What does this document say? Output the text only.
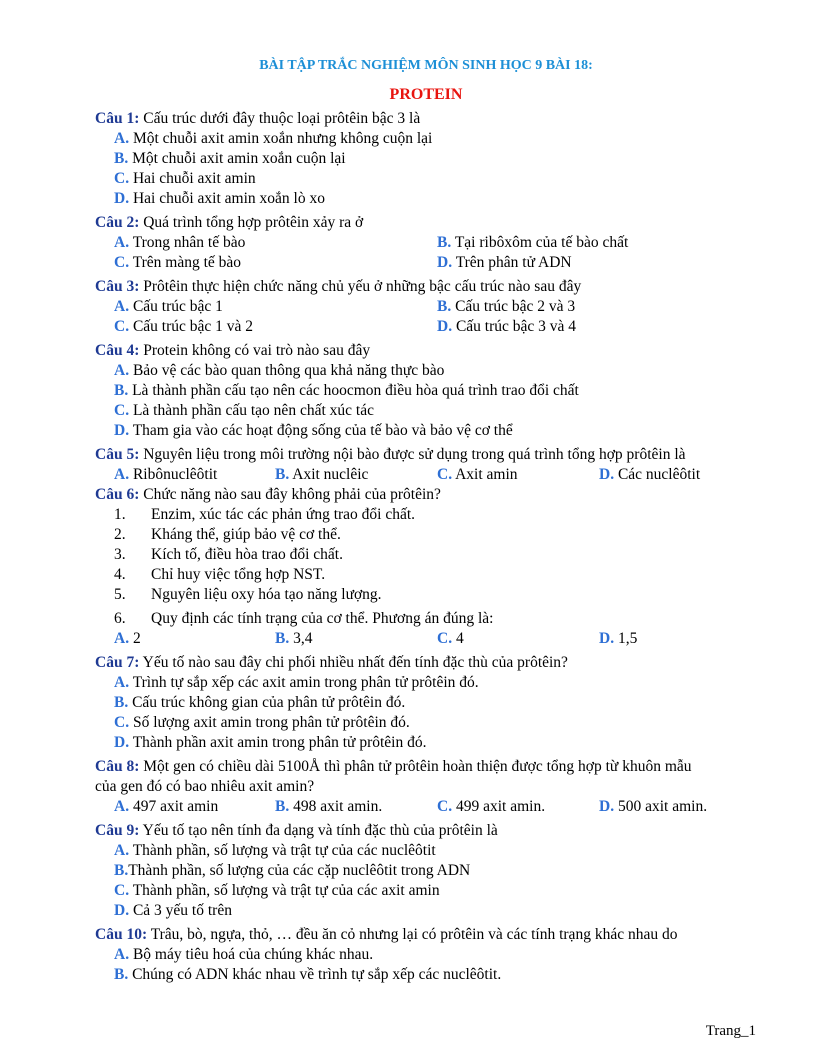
BÀI TẬP TRẮC NGHIỆM MÔN SINH HỌC 9 BÀI 18:
PROTEIN
Câu 1: Cấu trúc dưới đây thuộc loại prôtêin bậc 3 là
A. Một chuỗi axit amin xoắn nhưng không cuộn lại
B. Một chuỗi axit amin xoắn cuộn lại
C. Hai chuỗi axit amin
D. Hai chuỗi axit amin xoắn lò xo
Câu 2: Quá trình tổng hợp prôtêin xảy ra ở
A. Trong nhân tế bào	B. Tại ribôxôm của tế bào chất
C. Trên màng tế bào	D. Trên phân tử ADN
Câu 3: Prôtêin thực hiện chức năng chủ yếu ở những bậc cấu trúc nào sau đây
A. Cấu trúc bậc 1	B. Cấu trúc bậc 2 và 3
C. Cấu trúc bậc 1 và 2	D. Cấu trúc bậc 3 và 4
Câu 4: Protein không có vai trò nào sau đây
A. Bảo vệ các bào quan thông qua khả năng thực bào
B. Là thành phần cấu tạo nên các hoocmon điều hòa quá trình trao đổi chất
C. Là thành phần cấu tạo nên chất xúc tác
D. Tham gia vào các hoạt động sống của tế bào và bảo vệ cơ thể
Câu 5: Nguyên liệu trong môi trường nội bào được sử dụng trong quá trình tổng hợp prôtêin là
A. Ribônuclêôtit	B. Axit nuclêic	C. Axit amin	D. Các nuclêôtit
Câu 6: Chức năng nào sau đây không phải của prôtêin?
1. Enzim, xúc tác các phản ứng trao đổi chất.
2. Kháng thể, giúp bảo vệ cơ thể.
3. Kích tố, điều hòa trao đổi chất.
4. Chỉ huy việc tổng hợp NST.
5. Nguyên liệu oxy hóa tạo năng lượng.
6. Quy định các tính trạng của cơ thể. Phương án đúng là:
A. 2	B. 3,4	C. 4	D. 1,5
Câu 7: Yếu tố nào sau đây chi phối nhiều nhất đến tính đặc thù của prôtêin?
A. Trình tự sắp xếp các axit amin trong phân tử prôtêin đó.
B. Cấu trúc không gian của phân tử prôtêin đó.
C. Số lượng axit amin trong phân tử prôtêin đó.
D. Thành phần axit amin trong phân tử prôtêin đó.
Câu 8: Một gen có chiều dài 5100Å thì phân tử prôtêin hoàn thiện được tổng hợp từ khuôn mẫu
của gen đó có bao nhiêu axit amin?
A. 497 axit amin	B. 498 axit amin.	C. 499 axit amin.	D. 500 axit amin.
Câu 9: Yếu tố tạo nên tính đa dạng và tính đặc thù của prôtêin là
A. Thành phần, số lượng và trật tự của các nuclêôtit
B.Thành phần, số lượng của các cặp nuclêôtit trong ADN
C. Thành phần, số lượng và trật tự của các axit amin
D. Cả 3 yếu tố trên
Câu 10: Trâu, bò, ngựa, thỏ, … đều ăn cỏ nhưng lại có prôtêin và các tính trạng khác nhau do
A. Bộ máy tiêu hoá của chúng khác nhau.
B. Chúng có ADN khác nhau về trình tự sắp xếp các nuclêôtit.
Trang_1
